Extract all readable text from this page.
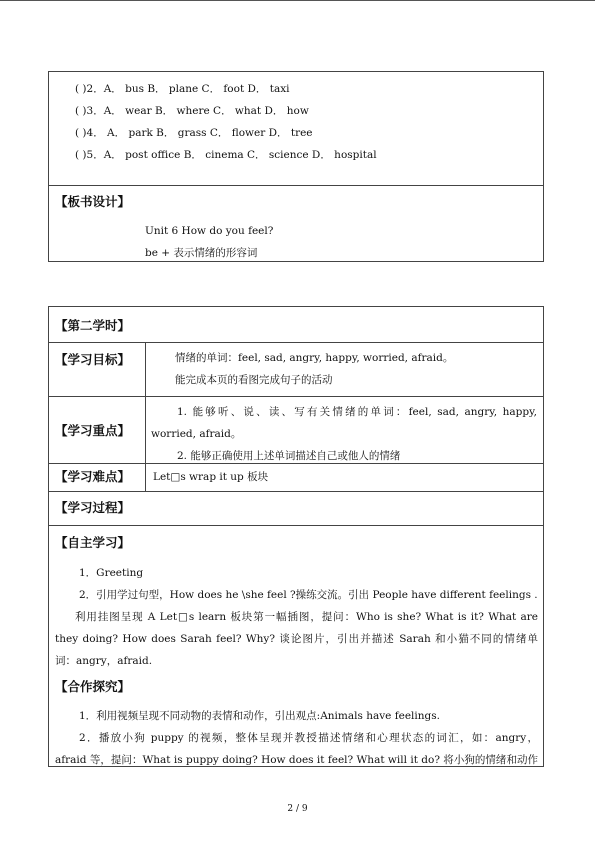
( )2．A． bus B． plane C． foot D． taxi
( )3．A． wear B． where C． what D． how
( )4． A． park B． grass C． flower D． tree
( )5．A． post office B． cinema C． science D． hospital
【板书设计】
Unit 6 How do you feel?
be + 表示情绪的形容词
【第二学时】
【学习目标】	情绪的单词：feel, sad, angry, happy, worried, afraid。
能完成本页的看图完成句子的活动
【学习重点】
1. 能够听、说、读、写有关情绪的单词：feel, sad, angry, happy,
worried, afraid。
2. 能够正确使用上述单词描述自己或他人的情绪
【学习难点】 Let□s wrap it up 板块
【学习过程】
【自主学习】
1．Greeting
2．引用学过句型，How does he \she feel ?操练交流。引出 People have different feelings .
利用挂图呈现 A Let□s learn 板块第一幅插图，提问：Who is she? What is it? What are
they doing? How does Sarah feel? Why? 谈论图片，引出并描述 Sarah 和小猫不同的情绪单
词：angry，afraid.
【合作探究】
1．利用视频呈现不同动物的表情和动作，引出观点:Animals have feelings.
2．播放小狗 puppy 的视频，整体呈现并教授描述情绪和心理状态的词汇，如：angry，
afraid 等，提问：What is puppy doing? How does it feel? What will it do? 将小狗的情绪和动作
2 / 9
